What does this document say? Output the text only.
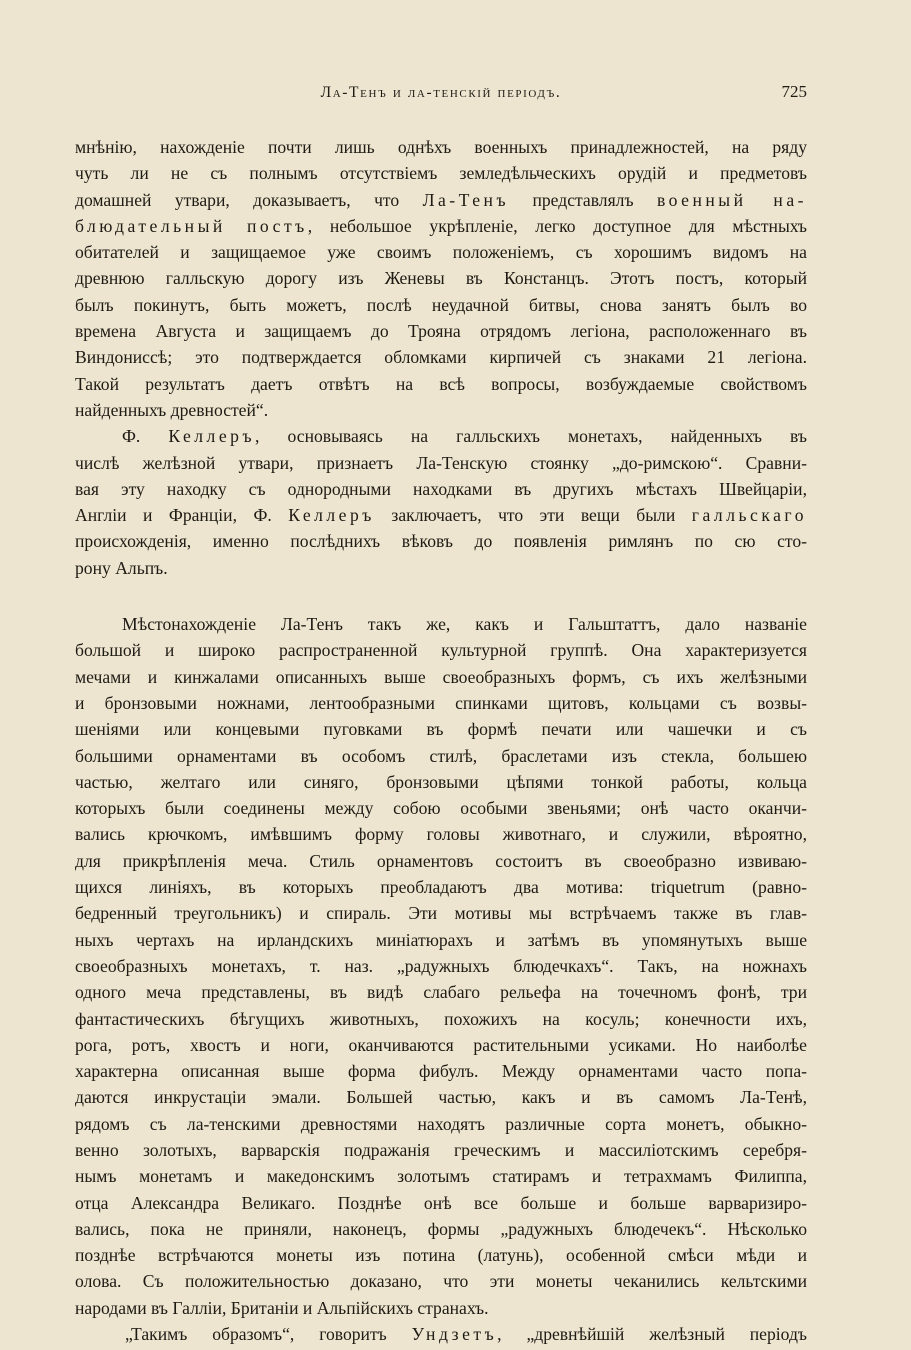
Ла-Тенъ и ла-тенскій періодъ.	725
мнѣнію, нахожденіе почти лишь однѣхъ военныхъ принадлежностей, на ряду
чуть ли не съ полнымъ отсутствіемъ земледѣльческихъ орудій и предметовъ
домашней утвари, доказываетъ, что Ла-Тенъ представлялъ военный на-
блюдательный постъ, небольшое укрѣпленіе, легко доступное для мѣстныхъ
обитателей и защищаемое уже своимъ положеніемъ, съ хорошимъ видомъ на
древнюю галльскую дорогу изъ Женевы въ Констанцъ. Этотъ постъ, который
былъ покинутъ, быть можетъ, послѣ неудачной битвы, снова занятъ былъ во
времена Августа и защищаемъ до Трояна отрядомъ легіона, расположеннаго въ
Виндониссѣ; это подтверждается обломками кирпичей съ знаками 21 легіона.
Такой результатъ даетъ отвѣтъ на всѣ вопросы, возбуждаемые свойствомъ
найденныхъ древностей“.
Ф. Келлеръ, основываясь на галльскихъ монетахъ, найденныхъ въ
числѣ желѣзной утвари, признаетъ Ла-Тенскую стоянку „до-римскою“. Сравни-
вая эту находку съ однородными находками въ другихъ мѣстахъ Швейцаріи,
Англіи и Франціи, Ф. Келлеръ заключаетъ, что эти вещи были галльскаго
происхожденія, именно послѣднихъ вѣковъ до появленія римлянъ по сю сто-
рону Альпъ.
Мѣстонахожденіе Ла-Тенъ такъ же, какъ и Гальштаттъ, дало названіе
большой и широко распространенной культурной группѣ. Она характеризуется
мечами и кинжалами описанныхъ выше своеобразныхъ формъ, съ ихъ желѣзными
и бронзовыми ножнами, лентообразными спинками щитовъ, кольцами съ возвы-
шеніями или концевыми пуговками въ формѣ печати или чашечки и съ
большими орнаментами въ особомъ стилѣ, браслетами изъ стекла, большею
частью, желтаго или синяго, бронзовыми цѣпями тонкой работы, кольца
которыхъ были соединены между собою особыми звеньями; онѣ часто оканчи-
вались крючкомъ, имѣвшимъ форму головы животнаго, и служили, вѣроятно,
для прикрѣпленія меча. Стиль орнаментовъ состоитъ въ своеобразно извиваю-
щихся линіяхъ, въ которыхъ преобладаютъ два мотива: triquetrum (равно-
бедренный треугольникъ) и спираль. Эти мотивы мы встрѣчаемъ также въ глав-
ныхъ чертахъ на ирландскихъ миніатюрахъ и затѣмъ въ упомянутыхъ выше
своеобразныхъ монетахъ, т. наз. „радужныхъ блюдечкахъ“. Такъ, на ножнахъ
одного меча представлены, въ видѣ слабаго рельефа на точечномъ фонѣ, три
фантастическихъ бѣгущихъ животныхъ, похожихъ на косуль; конечности ихъ,
рога, ротъ, хвостъ и ноги, оканчиваются растительными усиками. Но наиболѣе
характерна описанная выше форма фибулъ. Между орнаментами часто попа-
даются инкрустаціи эмали. Большей частью, какъ и въ самомъ Ла-Тенѣ,
рядомъ съ ла-тенскими древностями находятъ различные сорта монетъ, обыкно-
венно золотыхъ, варварскія подражанія греческимъ и массиліотскимъ серебря-
нымъ монетамъ и македонскимъ золотымъ статирамъ и тетрахмамъ Филиппа,
отца Александра Великаго. Позднѣе онѣ все больше и больше варваризиро-
вались, пока не приняли, наконецъ, формы „радужныхъ блюдечекъ“. Нѣсколько
позднѣе встрѣчаются монеты изъ потина (латунь), особенной смѣси мѣди и
олова. Съ положительностью доказано, что эти монеты чеканились кельтскими
народами въ Галліи, Британіи и Альпійскихъ странахъ.
„Такимъ образомъ“, говоритъ Ундзетъ, „древнѣйшій желѣзный періодъ
